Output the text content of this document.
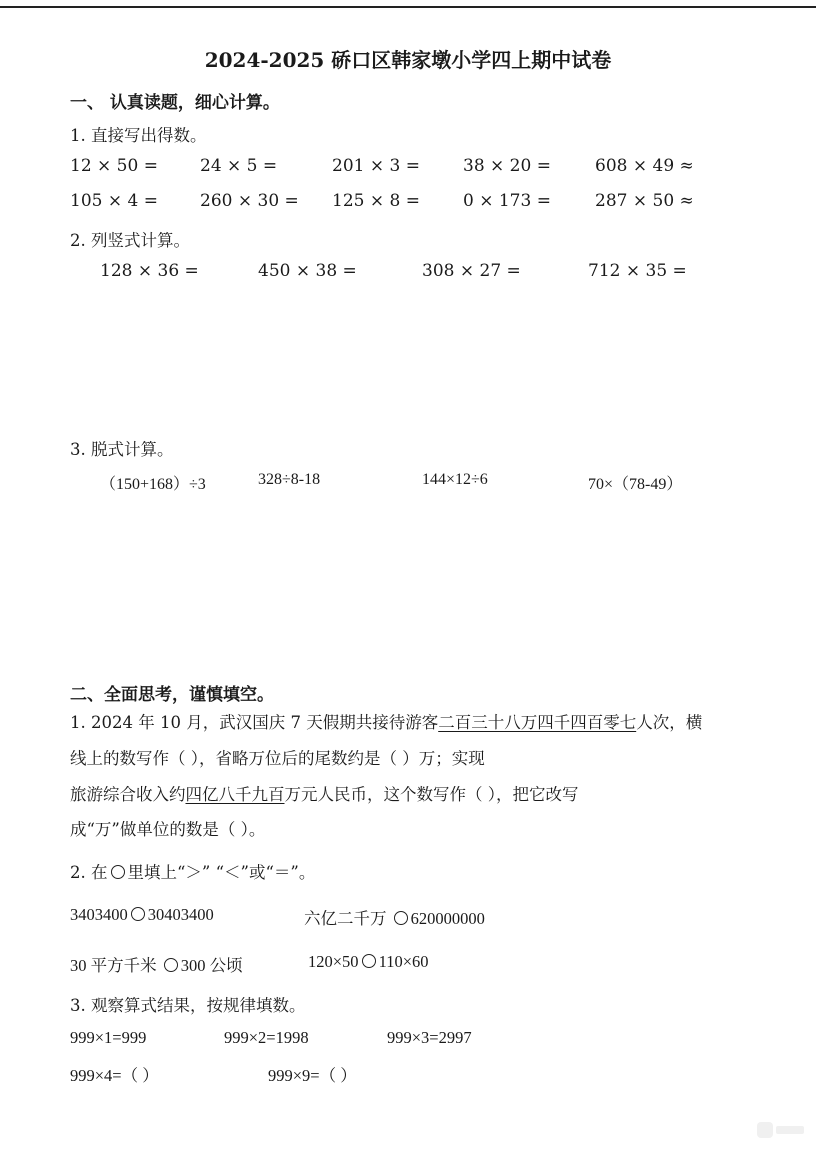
2024-2025 硚口区韩家墩小学四上期中试卷
一、 认真读题，细心计算。
1. 直接写出得数。
12 × 50 = 24 × 5 =	201 × 3 =	38 × 20 =	608 × 49 ≈
105 × 4 = 260 × 30 = 125 × 8 =	0 × 173 =	287 × 50 ≈
2. 列竖式计算。
128 × 36 =	450 × 38 =	308 × 27 =	712 × 35 =
3. 脱式计算。
（150+168）÷3	328÷8-18	144×12÷6	70×（78-49）
二、全面思考，谨慎填空。
1. 2024 年 10 月，武汉国庆 7 天假期共接待游客二百三十八万四千四百零七人次，横
线上的数写作（ ），省略万位后的尾数约是（ ）万；实现
旅游综合收入约四亿八千九百万元人民币，这个数写作（ ），把它改写
成“万”做单位的数是（ ）。
2. 在 里填上“＞” “＜”或“＝”。
3403400 30403400	六亿二千万 620000000
30 平方千米 300 公顷	120×50 110×60
3. 观察算式结果，按规律填数。
999×1=999	999×2=1998	999×3=2997
999×4=（ ）	999×9=（ ）
